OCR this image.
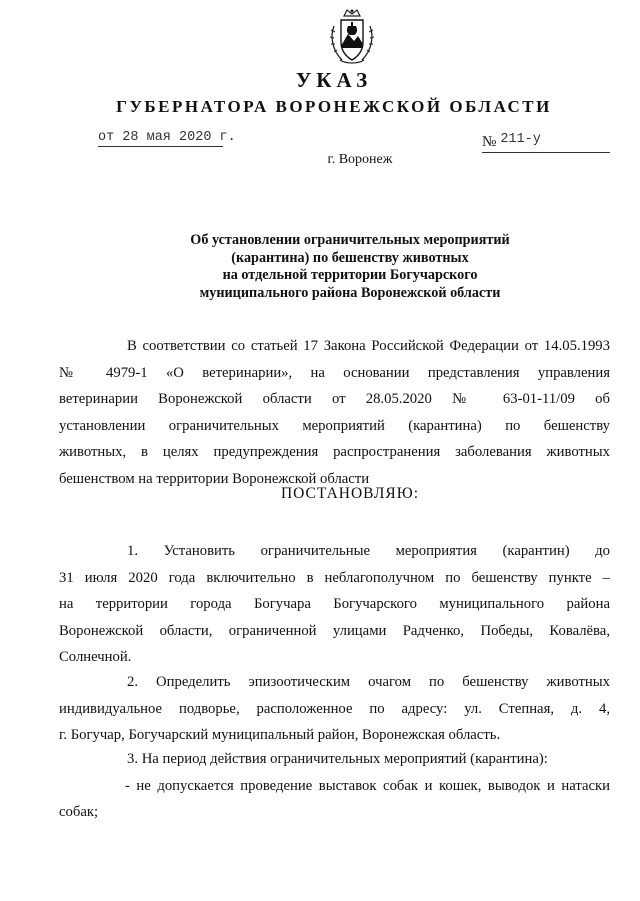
УКАЗ
ГУБЕРНАТОРА ВОРОНЕЖСКОЙ ОБЛАСТИ
от 28 мая 2020 г.	№ $^{211-у}$
г. Воронеж
Об установлении ограничительных мероприятий
(карантина) по бешенству животных
на отдельной территории Богучарского
муниципального района Воронежской области
В соответствии со статьей 17 Закона Российской Федерации от 14.05.1993
№ 4979-1 «О ветеринарии», на основании представления управления
ветеринарии Воронежской области от 28.05.2020 № 63-01-11/09 об
установлении ограничительных мероприятий (карантина) по бешенству
животных, в целях предупреждения распространения заболевания животных
бешенством на территории Воронежской области
ПОСТАНОВЛЯЮ:
1. Установить ограничительные мероприятия (карантин) до
31 июля 2020 года включительно в неблагополучном по бешенству пункте –
на территории города Богучара Богучарского муниципального района
Воронежской области, ограниченной улицами Радченко, Победы, Ковалёва,
Солнечной.
2. Определить эпизоотическим очагом по бешенству животных
индивидуальное подворье, расположенное по адресу: ул. Степная, д. 4,
г. Богучар, Богучарский муниципальный район, Воронежская область.
3. На период действия ограничительных мероприятий (карантина):
- не допускается проведение выставок собак и кошек, выводок и натаски
собак;
